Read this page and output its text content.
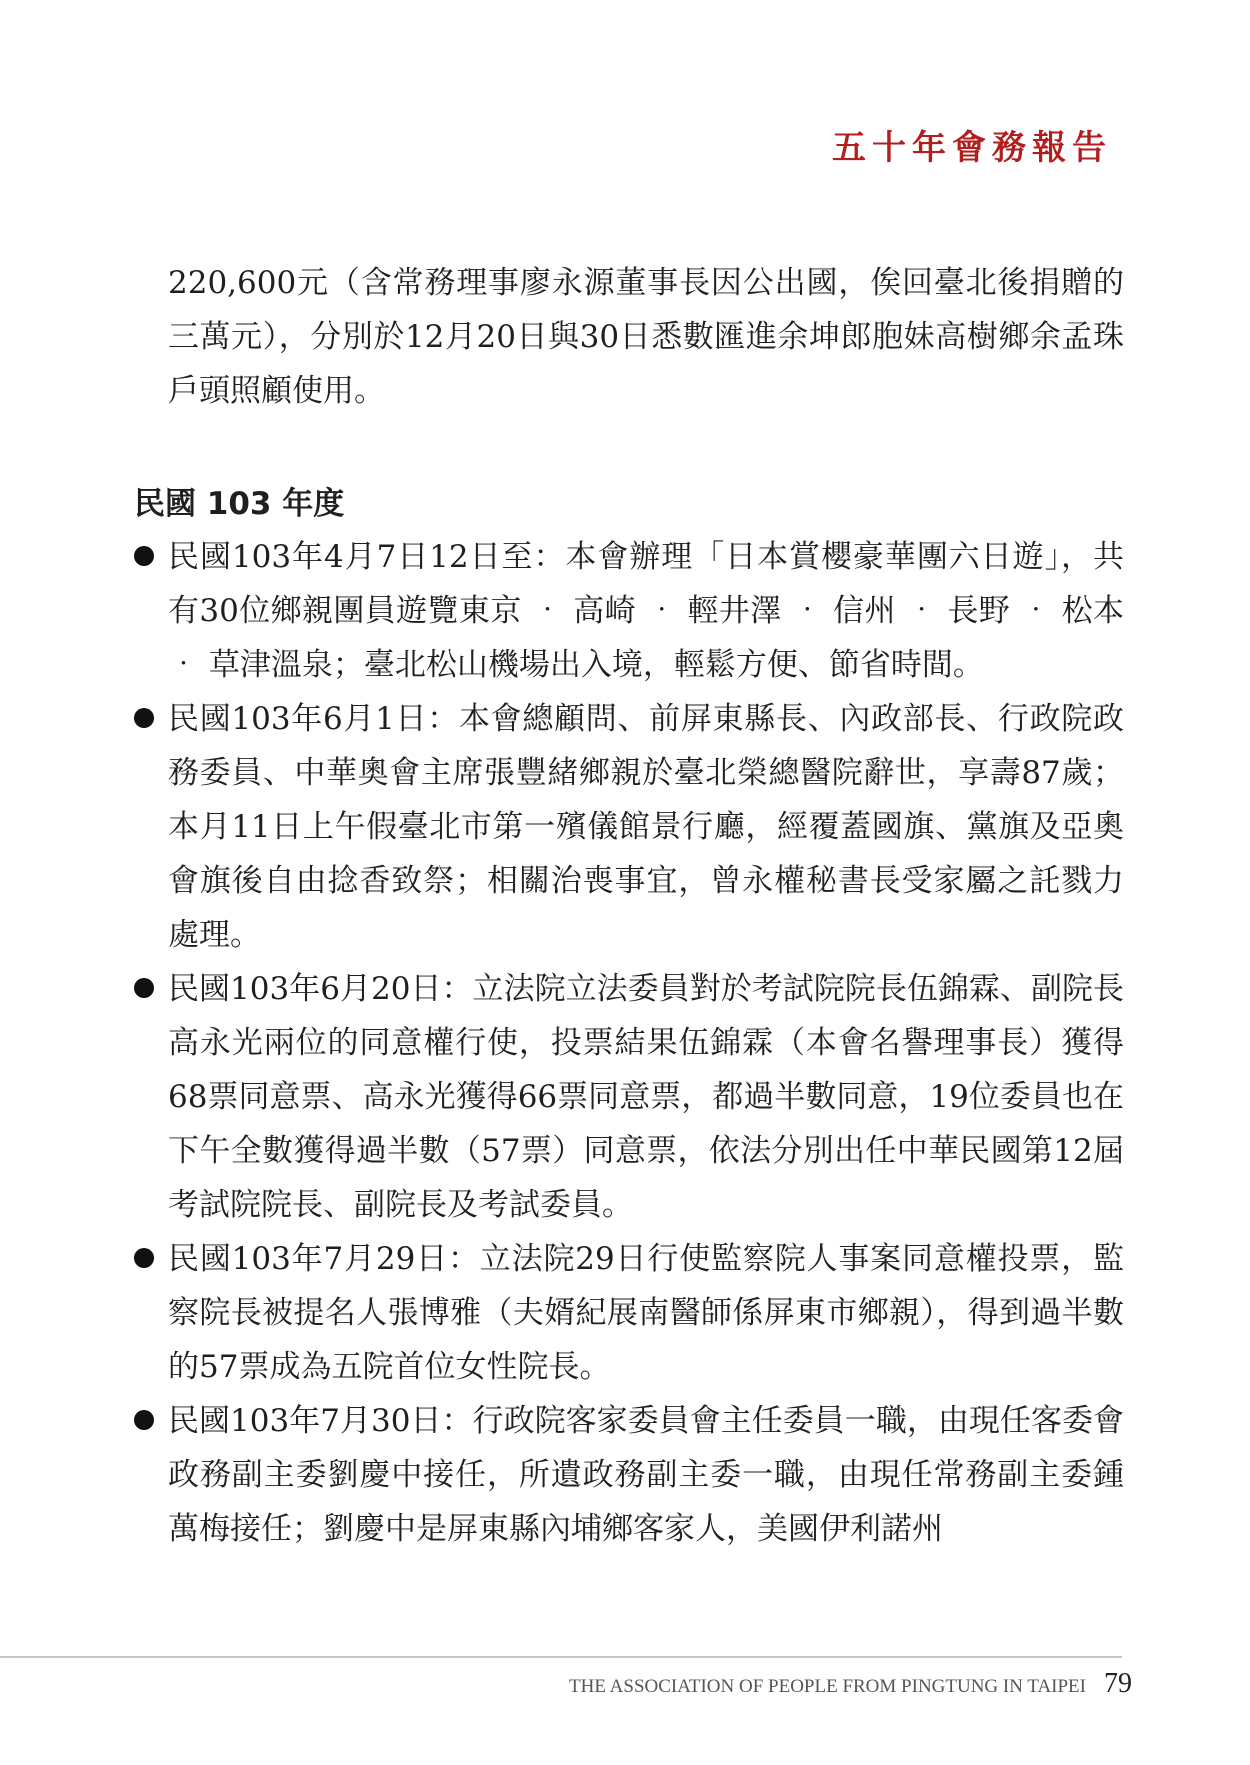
五十年會務報告

220,600元（含常務理事廖永源董事長因公出國，俟回臺北後捐贈的三萬元），分別於12月20日與30日悉數匯進余坤郎胞妹高樹鄉余孟珠戶頭照顧使用。

民國 103 年度
民國103年4月7日12日至：本會辦理「日本賞櫻豪華團六日遊」，共有30位鄉親團員遊覽東京 ‧ 高崎 ‧ 輕井澤 ‧ 信州 ‧ 長野 ‧ 松本 ‧ 草津溫泉；臺北松山機場出入境，輕鬆方便、節省時間。
民國103年6月1日：本會總顧問、前屏東縣長、內政部長、行政院政務委員、中華奧會主席張豐緒鄉親於臺北榮總醫院辭世，享壽87歲；本月11日上午假臺北市第一殯儀館景行廳，經覆蓋國旗、黨旗及亞奧會旗後自由捻香致祭；相關治喪事宜，曾永權秘書長受家屬之託戮力處理。
民國103年6月20日：立法院立法委員對於考試院院長伍錦霖、副院長高永光兩位的同意權行使，投票結果伍錦霖（本會名譽理事長）獲得68票同意票、高永光獲得66票同意票，都過半數同意，19位委員也在下午全數獲得過半數（57票）同意票，依法分別出任中華民國第12屆考試院院長、副院長及考試委員。
民國103年7月29日：立法院29日行使監察院人事案同意權投票，監察院長被提名人張博雅（夫婿紀展南醫師係屏東市鄉親），得到過半數的57票成為五院首位女性院長。
民國103年7月30日：行政院客家委員會主任委員一職，由現任客委會政務副主委劉慶中接任，所遺政務副主委一職，由現任常務副主委鍾萬梅接任；劉慶中是屏東縣內埔鄉客家人，美國伊利諾州
THE ASSOCIATION OF PEOPLE FROM PINGTUNG IN TAIPEI 79
